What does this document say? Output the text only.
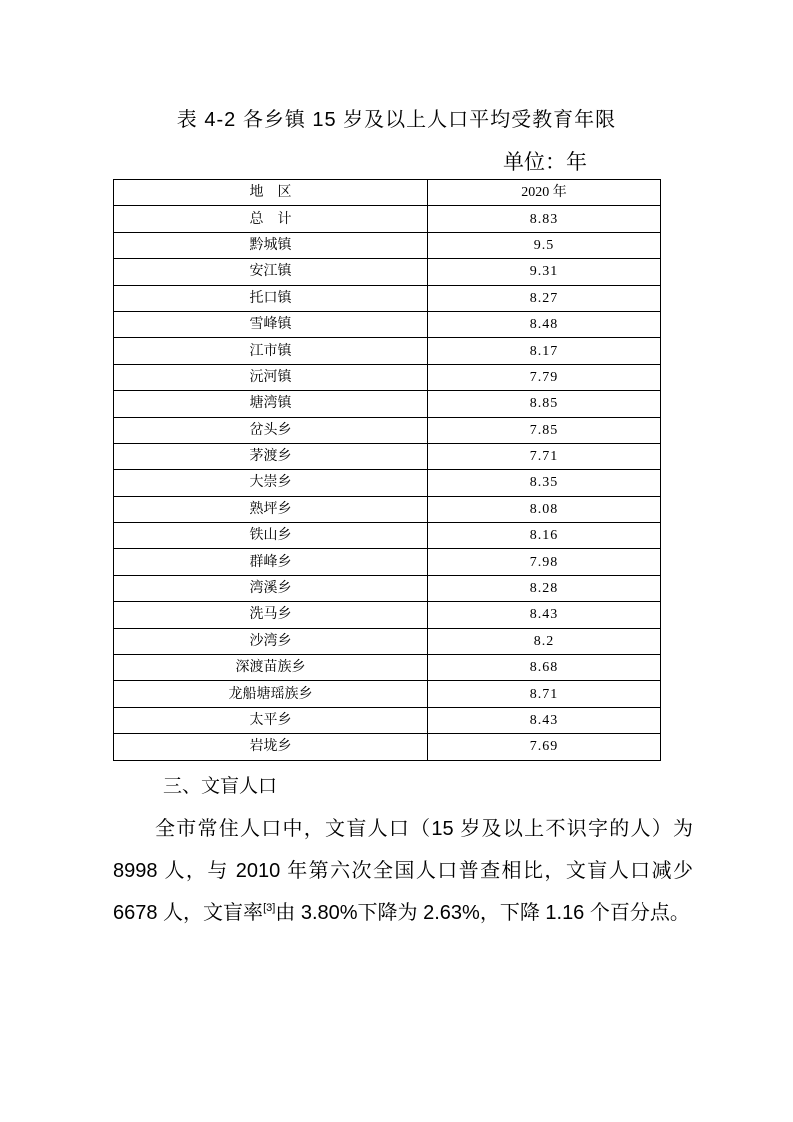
表 4-2 各乡镇 15 岁及以上人口平均受教育年限
单位：年
地　区	2020 年
总　计	8.83
黔城镇	9.5
安江镇	9.31
托口镇	8.27
雪峰镇	8.48
江市镇	8.17
沅河镇	7.79
塘湾镇	8.85
岔头乡	7.85
茅渡乡	7.71
大崇乡	8.35
熟坪乡	8.08
铁山乡	8.16
群峰乡	7.98
湾溪乡	8.28
洗马乡	8.43
沙湾乡	8.2
深渡苗族乡	8.68
龙船塘瑶族乡	8.71
太平乡	8.43
岩垅乡	7.69
三、文盲人口
全市常住人口中，文盲人口（15 岁及以上不识字的人）为 8998 人，与 2010 年第六次全国人口普查相比，文盲人口减少 6678 人，文盲率[3]由 3.80%下降为 2.63%，下降 1.16 个百分点。
